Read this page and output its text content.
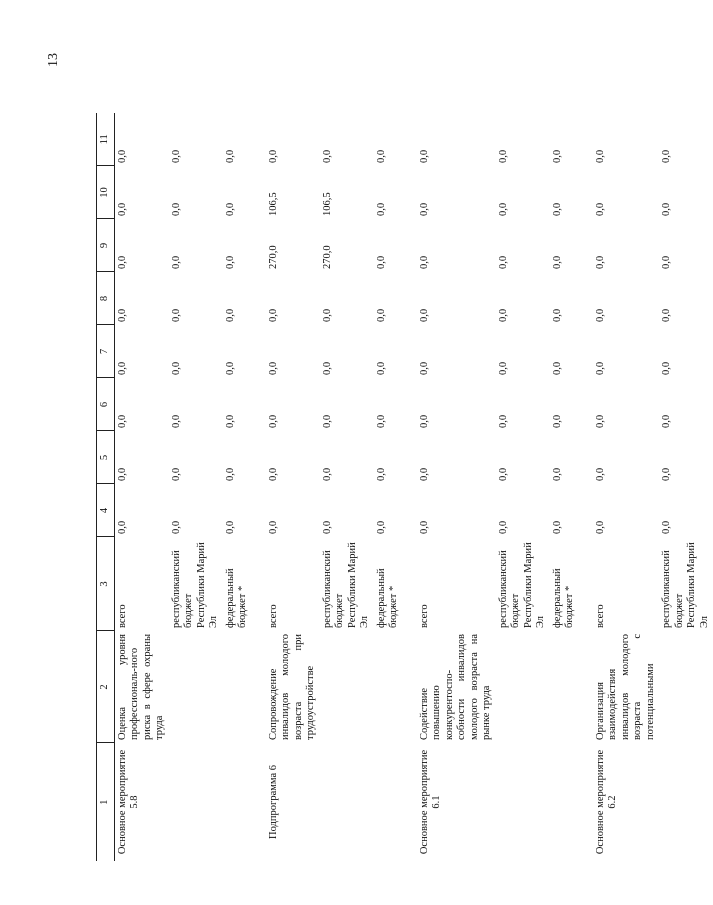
13
1	2	3	4	5	6	7	8	9	10	11
Основное мероприятие 5.8	Оценка уровня профессиональ-ного риска в сфере охраны труда	всего	0,0	0,0	0,0	0,0	0,0	0,0	0,0	0,0
		республиканский бюджет Республики Марий Эл	0,0	0,0	0,0	0,0	0,0	0,0	0,0	0,0
		федеральный бюджет *	0,0	0,0	0,0	0,0	0,0	0,0	0,0	0,0

Подпрограмма 6	Сопровождение инвалидов молодого возраста при трудоустройстве	всего	0,0	0,0	0,0	0,0	0,0	270,0	106,5	0,0
		республиканский бюджет Республики Марий Эл	0,0	0,0	0,0	0,0	0,0	270,0	106,5	0,0
		федеральный бюджет *	0,0	0,0	0,0	0,0	0,0	0,0	0,0	0,0

Основное мероприятие 6.1	Содействие повышению конкурентоспо-собности инвалидов молодого возраста на рынке труда	всего	0,0	0,0	0,0	0,0	0,0	0,0	0,0	0,0
		республиканский бюджет Республики Марий Эл	0,0	0,0	0,0	0,0	0,0	0,0	0,0	0,0
		федеральный бюджет *	0,0	0,0	0,0	0,0	0,0	0,0	0,0	0,0

Основное мероприятие 6.2	Организация взаимодействия инвалидов молодого возраста с потенциальными	всего	0,0	0,0	0,0	0,0	0,0	0,0	0,0	0,0
		республиканский бюджет Республики Марий Эл	0,0	0,0	0,0	0,0	0,0	0,0	0,0	0,0
